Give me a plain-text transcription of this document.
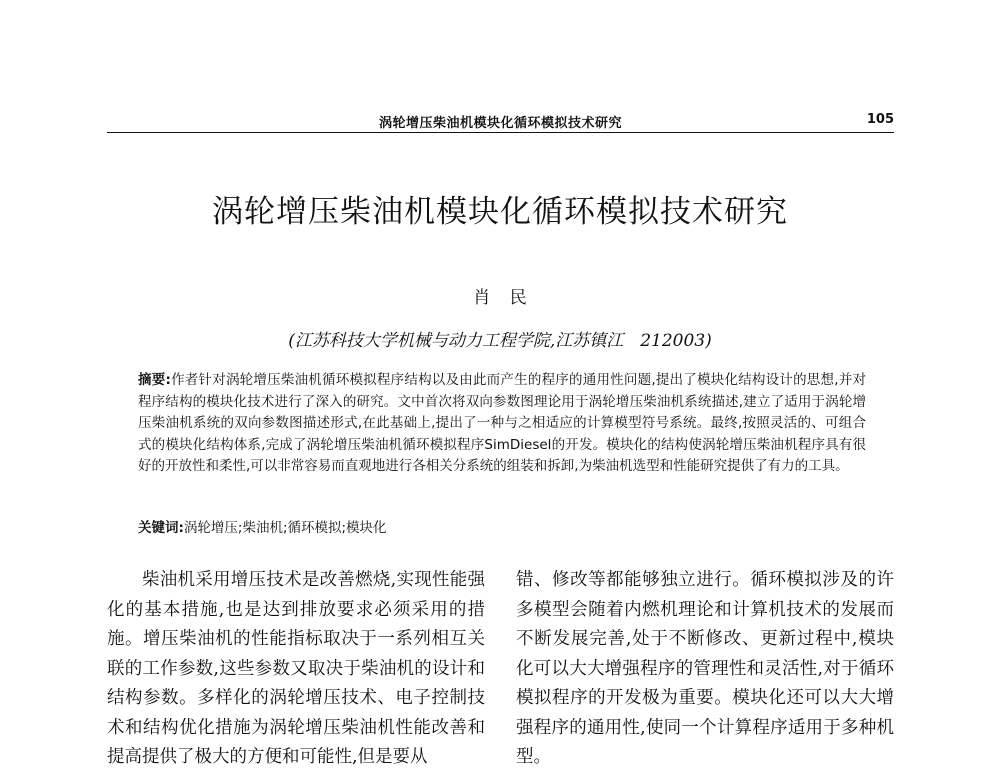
涡轮增压柴油机模块化循环模拟技术研究	105
涡轮增压柴油机模块化循环模拟技术研究
肖 民
(江苏科技大学机械与动力工程学院,江苏镇江　212003)
摘要:作者针对涡轮增压柴油机循环模拟程序结构以及由此而产生的程序的通用性问题,提出了模块化结构设计的思想,并对程序结构的模块化技术进行了深入的研究。文中首次将双向参数图理论用于涡轮增压柴油机系统描述,建立了适用于涡轮增压柴油机系统的双向参数图描述形式,在此基础上,提出了一种与之相适应的计算模型符号系统。最终,按照灵活的、可组合式的模块化结构体系,完成了涡轮增压柴油机循环模拟程序SimDiesel的开发。模块化的结构使涡轮增压柴油机程序具有很好的开放性和柔性,可以非常容易而直观地进行各相关分系统的组装和拆卸,为柴油机选型和性能研究提供了有力的工具。
关键词:涡轮增压;柴油机;循环模拟;模块化
柴油机采用增压技术是改善燃烧,实现性能强化的基本措施,也是达到排放要求必须采用的措施。增压柴油机的性能指标取决于一系列相互关联的工作参数,这些参数又取决于柴油机的设计和结构参数。多样化的涡轮增压技术、电子控制技术和结构优化措施为涡轮增压柴油机性能改善和提高提供了极大的方便和可能性,但是要从
错、修改等都能够独立进行。循环模拟涉及的许多模型会随着内燃机理论和计算机技术的发展而不断发展完善,处于不断修改、更新过程中,模块化可以大大增强程序的管理性和灵活性,对于循环模拟程序的开发极为重要。模块化还可以大大增强程序的通用性,使同一个计算程序适用于多种机型。
